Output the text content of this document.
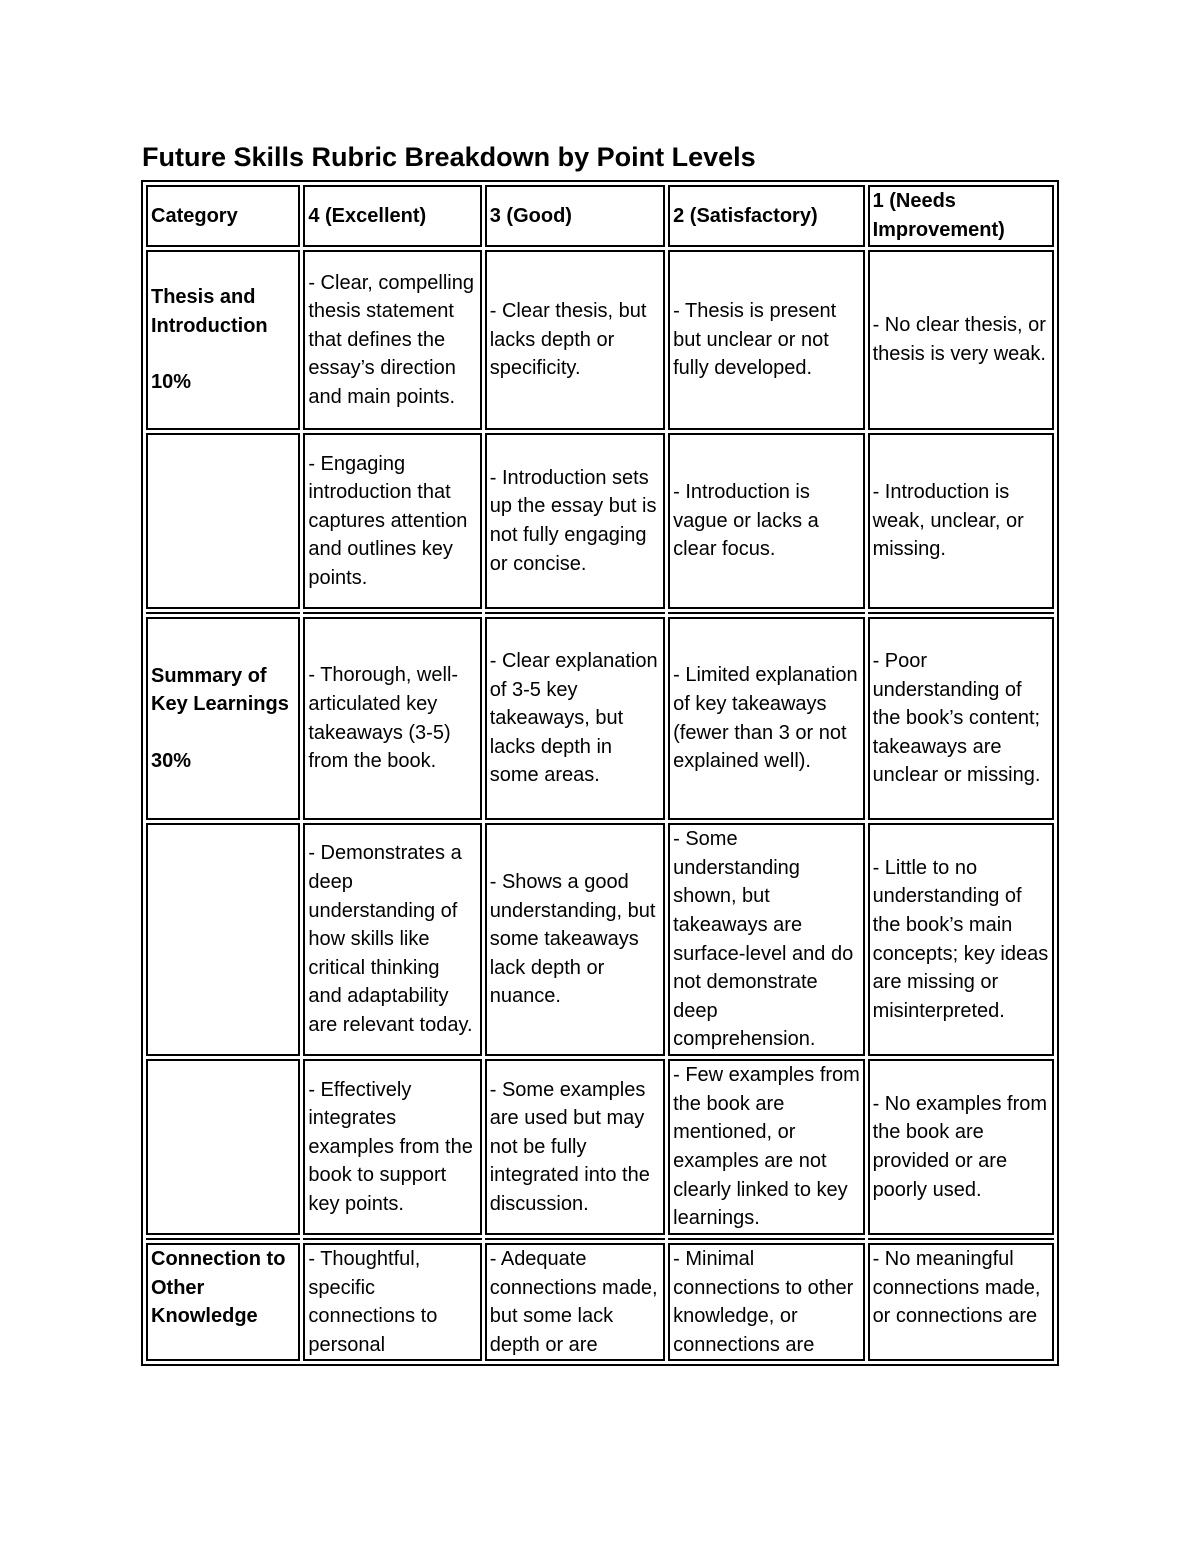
Future Skills Rubric Breakdown by Point Levels
Category	4 (Excellent)	3 (Good)	2 (Satisfactory)	1 (Needs Improvement)
Thesis and Introduction
10%	- Clear, compelling thesis statement that defines the essay’s direction and main points.	- Clear thesis, but lacks depth or specificity.	- Thesis is present but unclear or not fully developed.	- No clear thesis, or thesis is very weak.
	- Engaging introduction that captures attention and outlines key points.	- Introduction sets up the essay but is not fully engaging or concise.	- Introduction is vague or lacks a clear focus.	- Introduction is weak, unclear, or missing.

Summary of Key Learnings
30%	- Thorough, well-articulated key takeaways (3-5) from the book.	- Clear explanation of 3-5 key takeaways, but lacks depth in some areas.	- Limited explanation of key takeaways (fewer than 3 or not explained well).	- Poor understanding of the book’s content; takeaways are unclear or missing.
	- Demonstrates a deep understanding of how skills like critical thinking and adaptability are relevant today.	- Shows a good understanding, but some takeaways lack depth or nuance.	- Some understanding shown, but takeaways are surface-level and do not demonstrate deep comprehension.	- Little to no understanding of the book’s main concepts; key ideas are missing or misinterpreted.
	- Effectively integrates examples from the book to support key points.	- Some examples are used but may not be fully integrated into the discussion.	- Few examples from the book are mentioned, or examples are not clearly linked to key learnings.	- No examples from the book are provided or are poorly used.

Connection to Other Knowledge	- Thoughtful, specific connections to personal	- Adequate connections made, but some lack depth or are	- Minimal connections to other knowledge, or connections are	- No meaningful connections made, or connections are
